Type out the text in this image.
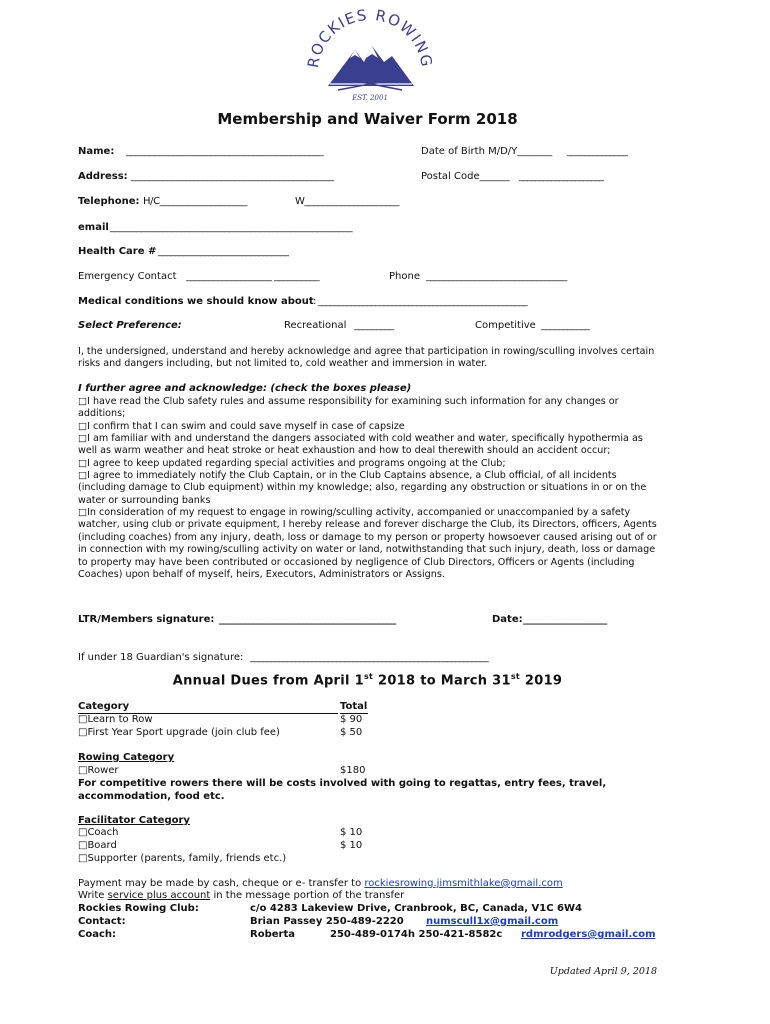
ROCKIES ROWING
EST. 2001
Membership and Waiver Form 2018
Name: __________________________________________	Date of Birth M/D/Y_______ ______________
Address: _____________________________________________	Postal Code______ _____________________
Telephone: H/C___________________	W_____________________
email _______________________________________________________
Health Care # _______________________________
Emergency Contact ___________________ __________	Phone ________________________________
Medical conditions we should know about : ___________________________________________________
Select Preference:	Recreational _________	Competitive ___________
I, the undersigned, understand and hereby acknowledge and agree that participation in rowing/sculling involves certain risks and dangers including, but not limited to, cold weather and immersion in water.
I further agree and acknowledge: (check the boxes please)
□I have read the Club safety rules and assume responsibility for examining such information for any changes or additions;
□I confirm that I can swim and could save myself in case of capsize
□I am familiar with and understand the dangers associated with cold weather and water, specifically hypothermia as well as warm weather and heat stroke or heat exhaustion and how to deal therewith should an accident occur;
□I agree to keep updated regarding special activities and programs ongoing at the Club;
□I agree to immediately notify the Club Captain, or in the Club Captains absence, a Club official, of all incidents (including damage to Club equipment) within my knowledge; also, regarding any obstruction or situations in or on the water or surrounding banks
□In consideration of my request to engage in rowing/sculling activity, accompanied or unaccompanied by a safety watcher, using club or private equipment, I hereby release and forever discharge the Club, its Directors, officers, Agents (including coaches) from any injury, death, loss or damage to my person or property howsoever caused arising out of or in connection with my rowing/sculling activity on water or land, notwithstanding that such injury, death, loss or damage to property may have been contributed or occasioned by negligence of Club Directors, Officers or Agents (including Coaches) upon behalf of myself, heirs, Executors, Administrators or Assigns.
LTR/Members signature: __________________________________________	Date: ___________________
If under 18 Guardian's signature: __________________________________________________________
Annual Dues from April 1st 2018 to March 31st 2019
Category	Total
□Learn to Row	$ 90
□First Year Sport upgrade (join club fee)	$ 50
Rowing Category
□Rower	$180
For competitive rowers there will be costs involved with going to regattas, entry fees, travel, accommodation, food etc.
Facilitator Category
□Coach	$ 10
□Board	$ 10
□Supporter (parents, family, friends etc.)
Payment may be made by cash, cheque or e- transfer to rockiesrowing.jimsmithlake@gmail.com
Write service plus account in the message portion of the transfer
Rockies Rowing Club:	c/o 4283 Lakeview Drive, Cranbrook, BC, Canada, V1C 6W4
Contact:	Brian Passey 250-489-2220 numscull1x@gmail.com
Coach:	Roberta	250-489-0174h 250-421-8582c rdmrodgers@gmail.com
Updated April 9, 2018
